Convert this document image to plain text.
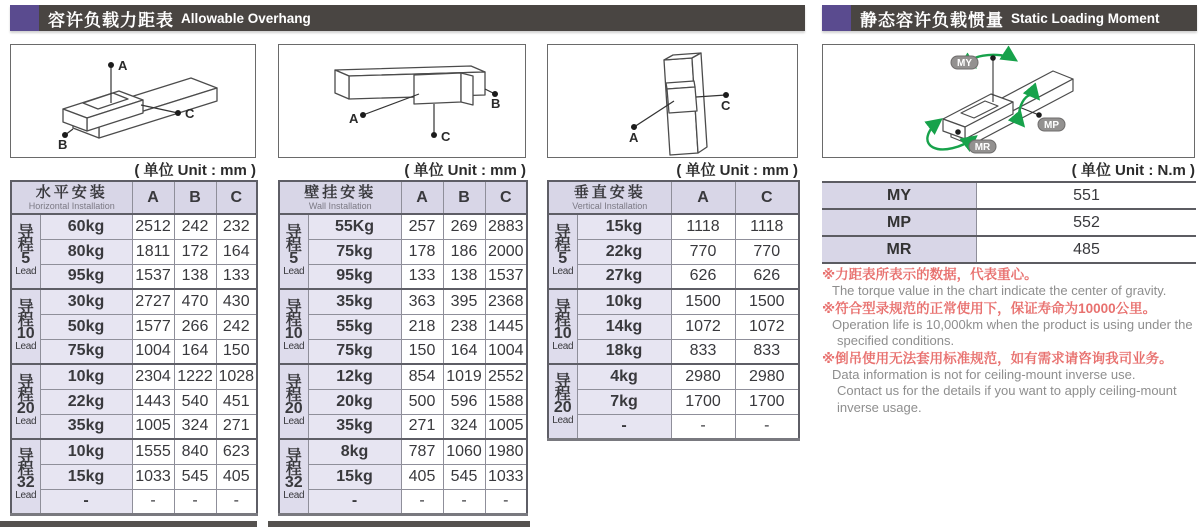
容许负载力距表 Allowable Overhang	静态容许负载惯量 Static Loading Moment
A
C
B
A
B
C	A
C
MY
MP
MR
( 单位 Unit : mm )	( 单位 Unit : mm )	( 单位 Unit : mm )	( 单位 Unit : N.m )
水平安装
Horizontal Installation		A	B	C

导
程
5
Lead	60kg	2512	242	232
	80kg	1811	172	164
	95kg	1537	138	133

导
程
10
Lead	30kg	2727	470	430
	50kg	1577	266	242
	75kg	1004	164	150

导
程
20
Lead	10kg	2304	1222	1028
	22kg	1443	540	451
	35kg	1005	324	271

导
程
32
Lead	10kg	1555	840	623
	15kg	1033	545	405
	-	-	-	-
壁挂安装
Wall Installation		A	B	C

导
程
5
Lead	55Kg	257	269	2883
	75kg	178	186	2000
	95kg	133	138	1537

导
程
10
Lead	35kg	363	395	2368
	55kg	218	238	1445
	75kg	150	164	1004

导
程
20
Lead	12kg	854	1019	2552
	20kg	500	596	1588
	35kg	271	324	1005

导
程
32
Lead	8kg	787	1060	1980
	15kg	405	545	1033
	-	-	-	-
垂直安装
Vertical Installation		A	C

导
程
5
Lead	15kg	1118	1118
	22kg	770	770
	27kg	626	626

导
程
10
Lead	10kg	1500	1500
	14kg	1072	1072
	18kg	833	833

导
程
20
Lead	4kg	2980	2980
	7kg	1700	1700
	-	-	-
MY	551
MP	552
MR	485
※力距表所表示的数据，代表重心。
The torque value in the chart indicate the center of gravity.
※符合型录规范的正常使用下，保证寿命为10000公里。
Operation life is 10,000km when the product is using under the
specified conditions.
※倒吊使用无法套用标准规范，如有需求请咨询我司业务。
Data information is not for ceiling-mount inverse use.
Contact us for the details if you want to apply ceiling-mount
inverse usage.
